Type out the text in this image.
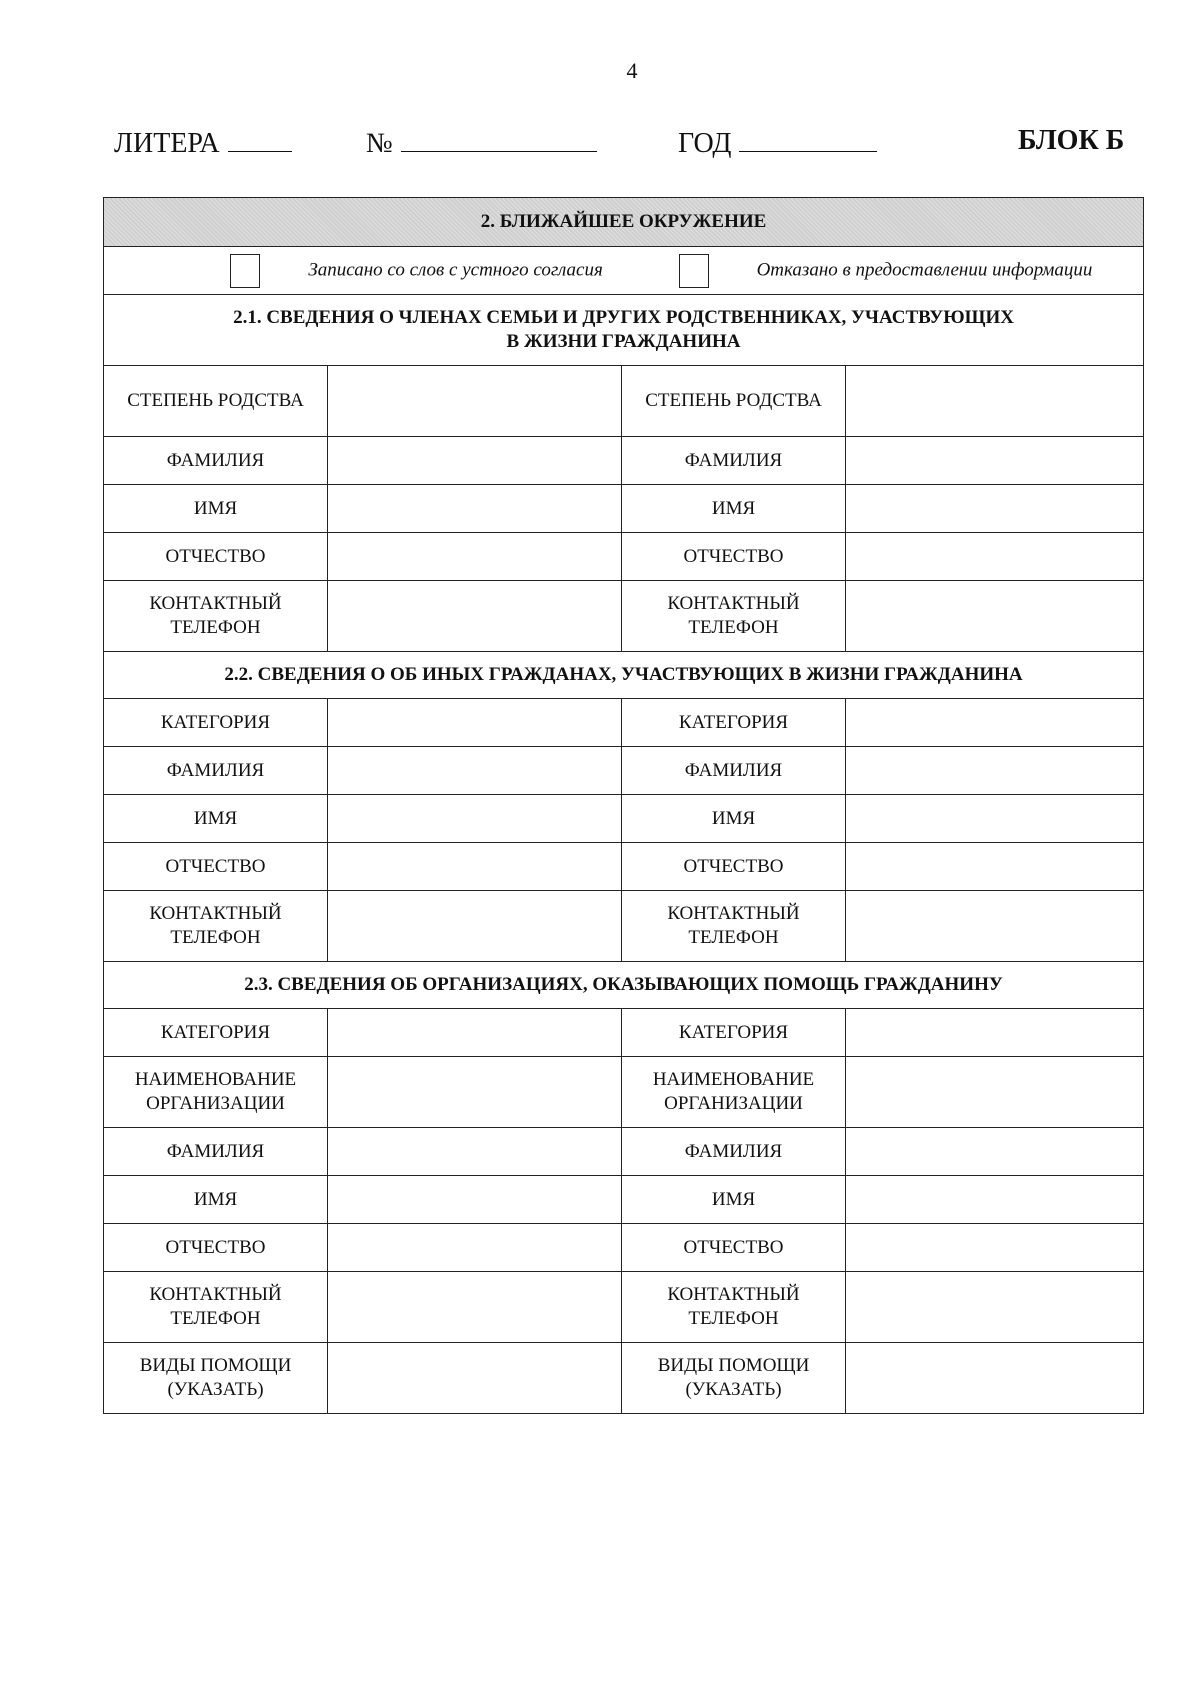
4
ЛИТЕРА	№	ГОД	БЛОК Б
2. БЛИЖАЙШЕЕ ОКРУЖЕНИЕ			
Записано со слов с устного согласия Отказано в предоставлении информации			

2.1. СВЕДЕНИЯ О ЧЛЕНАХ СЕМЬИ И ДРУГИХ РОДСТВЕННИКАХ, УЧАСТВУЮЩИХ
В ЖИЗНИ ГРАЖДАНИНА			

СТЕПЕНЬ РОДСТВА		СТЕПЕНЬ РОДСТВА	
ФАМИЛИЯ		ФАМИЛИЯ	
ИМЯ		ИМЯ	
ОТЧЕСТВО		ОТЧЕСТВО	
КОНТАКТНЫЙ ТЕЛЕФОН		КОНТАКТНЫЙ ТЕЛЕФОН	

2.2. СВЕДЕНИЯ О ОБ ИНЫХ ГРАЖДАНАХ, УЧАСТВУЮЩИХ В ЖИЗНИ ГРАЖДАНИНА			

КАТЕГОРИЯ		КАТЕГОРИЯ	
ФАМИЛИЯ		ФАМИЛИЯ	
ИМЯ		ИМЯ	
ОТЧЕСТВО		ОТЧЕСТВО	
КОНТАКТНЫЙ ТЕЛЕФОН		КОНТАКТНЫЙ ТЕЛЕФОН	

2.3. СВЕДЕНИЯ ОБ ОРГАНИЗАЦИЯХ, ОКАЗЫВАЮЩИХ ПОМОЩЬ ГРАЖДАНИНУ			

КАТЕГОРИЯ		КАТЕГОРИЯ	
НАИМЕНОВАНИЕ ОРГАНИЗАЦИИ		НАИМЕНОВАНИЕ ОРГАНИЗАЦИИ	
ФАМИЛИЯ		ФАМИЛИЯ	
ИМЯ		ИМЯ	
ОТЧЕСТВО		ОТЧЕСТВО	
КОНТАКТНЫЙ ТЕЛЕФОН		КОНТАКТНЫЙ ТЕЛЕФОН	
ВИДЫ ПОМОЩИ (УКАЗАТЬ)		ВИДЫ ПОМОЩИ (УКАЗАТЬ)	
